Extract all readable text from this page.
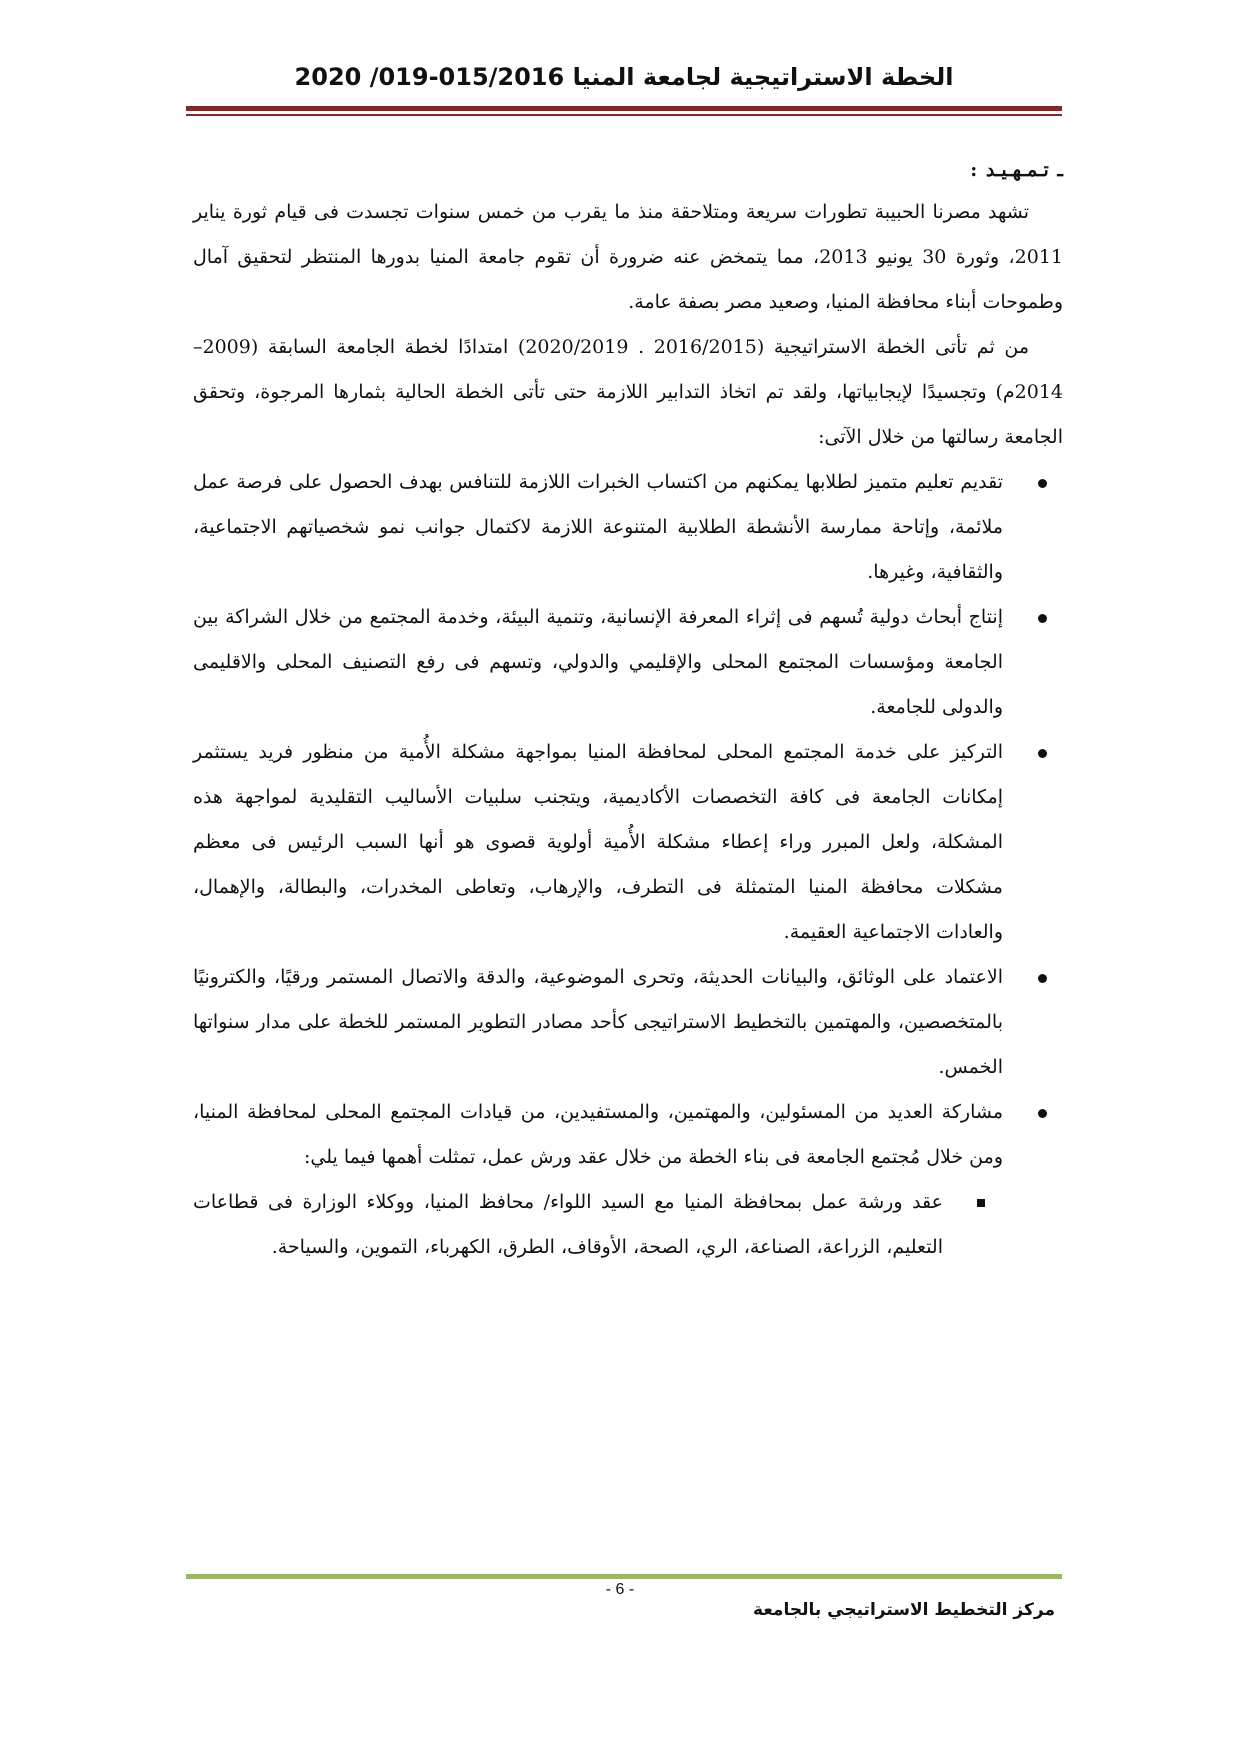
الخطة الاستراتيجية لجامعة المنيا 015/2016-019/ 2020

ـ تـمـهـيـد :

تشهد مصرنا الحبيبة تطورات سريعة ومتلاحقة منذ ما يقرب من خمس سنوات تجسدت فى قيام ثورة يناير 2011، وثورة 30 يونيو 2013، مما يتمخض عنه ضرورة أن تقوم جامعة المنيا بدورها المنتظر لتحقيق آمال وطموحات أبناء محافظة المنيا، وصعيد مصر بصفة عامة.

من ثم تأتى الخطة الاستراتيجية (2016/2015 . 2020/2019) امتدادًا لخطة الجامعة السابقة (2009–2014م) وتجسيدًا لإيجابياتها، ولقد تم اتخاذ التدابير اللازمة حتى تأتى الخطة الحالية بثمارها المرجوة، وتحقق الجامعة رسالتها من خلال الآتى:

تقديم تعليم متميز لطلابها يمكنهم من اكتساب الخبرات اللازمة للتنافس بهدف الحصول على فرصة عمل ملائمة، وإتاحة ممارسة الأنشطة الطلابية المتنوعة اللازمة لاكتمال جوانب نمو شخصياتهم الاجتماعية، والثقافية، وغيرها.
إنتاج أبحاث دولية تُسهم فى إثراء المعرفة الإنسانية، وتنمية البيئة، وخدمة المجتمع من خلال الشراكة بين الجامعة ومؤسسات المجتمع المحلى والإقليمي والدولي، وتسهم فى رفع التصنيف المحلى والاقليمى والدولى للجامعة.
التركيز على خدمة المجتمع المحلى لمحافظة المنيا بمواجهة مشكلة الأُمية من منظور فريد يستثمر إمكانات الجامعة فى كافة التخصصات الأكاديمية، ويتجنب سلبيات الأساليب التقليدية لمواجهة هذه المشكلة، ولعل المبرر وراء إعطاء مشكلة الأُمية أولوية قصوى هو أنها السبب الرئيس فى معظم مشكلات محافظة المنيا المتمثلة فى التطرف، والإرهاب، وتعاطى المخدرات، والبطالة، والإهمال، والعادات الاجتماعية العقيمة.
الاعتماد على الوثائق، والبيانات الحديثة، وتحرى الموضوعية، والدقة والاتصال المستمر ورقيًا، والكترونيًا بالمتخصصين، والمهتمين بالتخطيط الاستراتيجى كأحد مصادر التطوير المستمر للخطة على مدار سنواتها الخمس.
مشاركة العديد من المسئولين، والمهتمين، والمستفيدين، من قيادات المجتمع المحلى لمحافظة المنيا، ومن خلال مُجتمع الجامعة فى بناء الخطة من خلال عقد ورش عمل، تمثلت أهمها فيما يلي:
عقد ورشة عمل بمحافظة المنيا مع السيد اللواء/ محافظ المنيا، ووكلاء الوزارة فى قطاعات التعليم، الزراعة، الصناعة، الري، الصحة، الأوقاف، الطرق، الكهرباء، التموين، والسياحة.
- 6 -
مركز التخطيط الاستراتيجي بالجامعة
